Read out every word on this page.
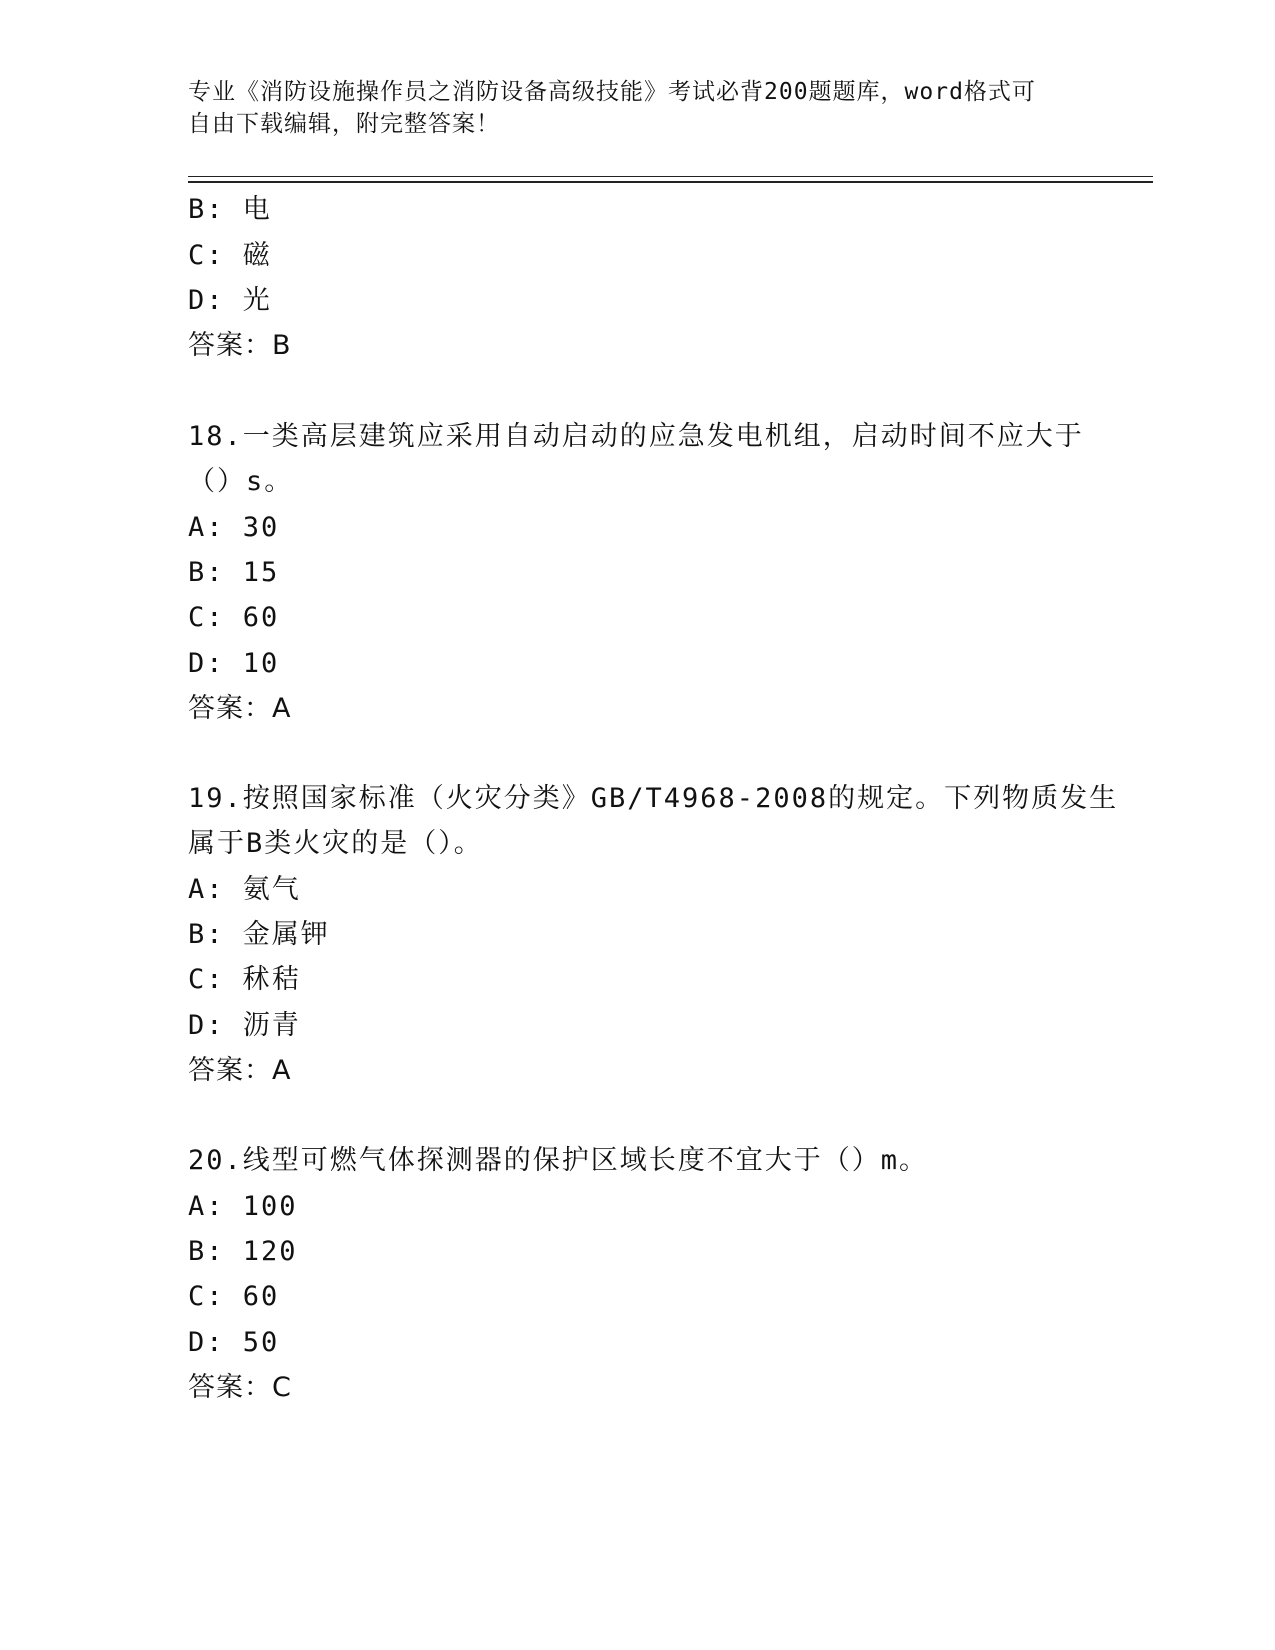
专业《消防设施操作员之消防设备高级技能》考试必背200题题库，word格式可
自由下载编辑，附完整答案！
B: 电
C: 磁
D: 光
答案：B
18.一类高层建筑应采用自动启动的应急发电机组，启动时间不应大于
（）s。
A: 30
B: 15
C: 60
D: 10
答案：A
19.按照国家标准（火灾分类》GB/T4968-2008的规定。下列物质发生
属于B类火灾的是（）。
A: 氨气
B: 金属钾
C: 秫秸
D: 沥青
答案：A
20.线型可燃气体探测器的保护区域长度不宜大于（）m。
A: 100
B: 120
C: 60
D: 50
答案：C
